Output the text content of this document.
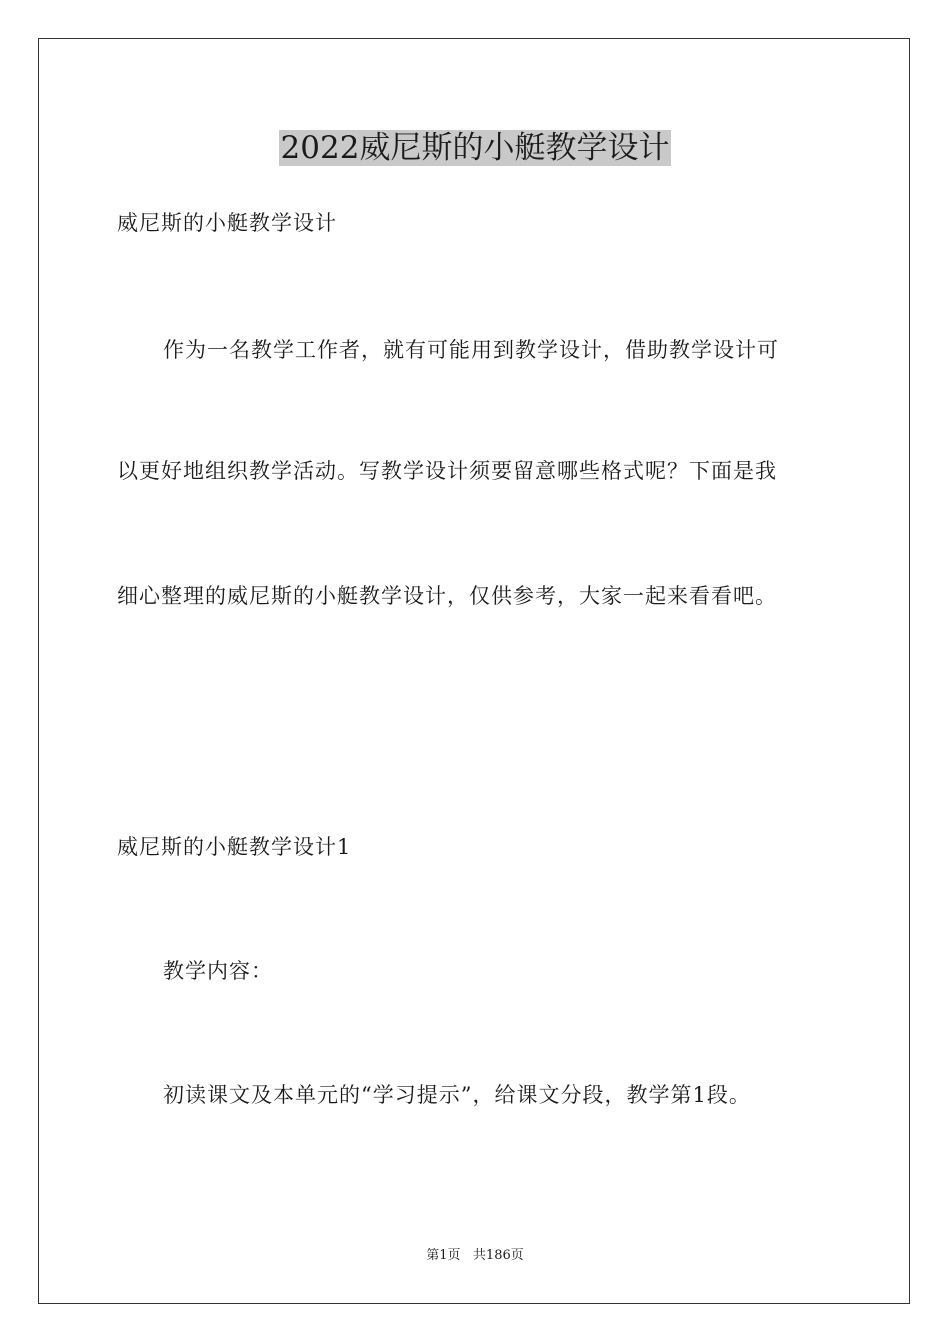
2022威尼斯的小艇教学设计
威尼斯的小艇教学设计
作为一名教学工作者，就有可能用到教学设计，借助教学设计可
以更好地组织教学活动。写教学设计须要留意哪些格式呢？下面是我
细心整理的威尼斯的小艇教学设计，仅供参考，大家一起来看看吧。
威尼斯的小艇教学设计1
教学内容：
初读课文及本单元的“学习提示”，给课文分段，教学第1段。
第1页   共186页
